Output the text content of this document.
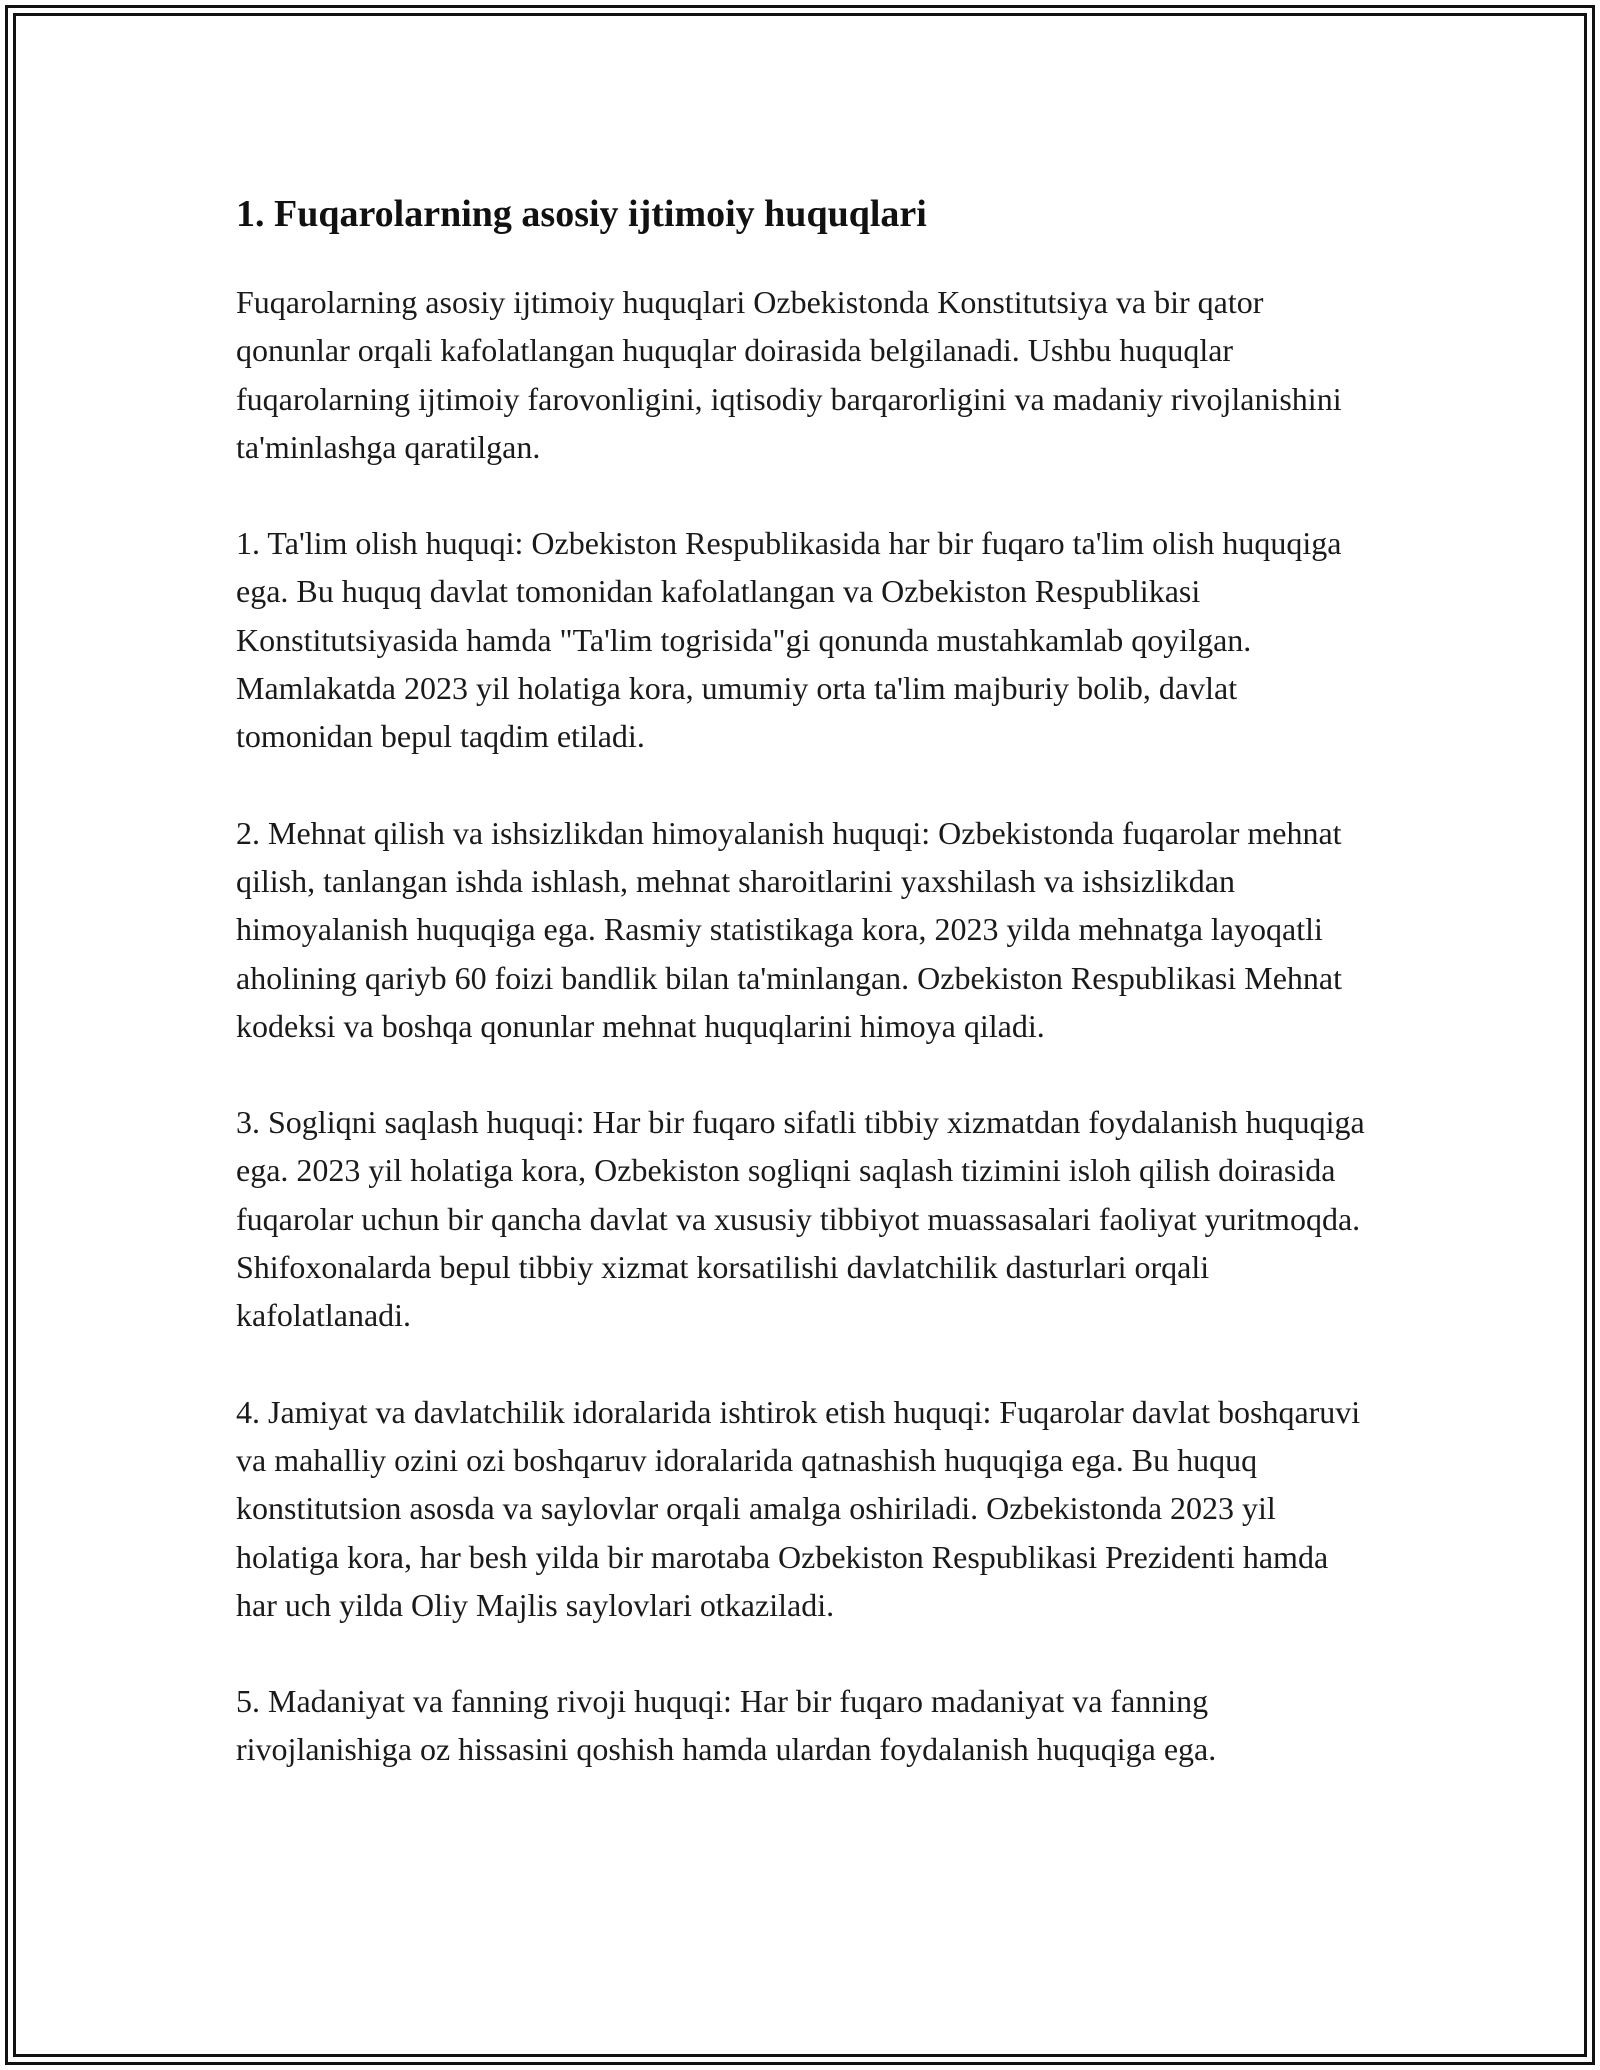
1. Fuqarolarning asosiy ijtimoiy huquqlari

Fuqarolarning asosiy ijtimoiy huquqlari Ozbekistonda Konstitutsiya va bir qator qonunlar orqali kafolatlangan huquqlar doirasida belgilanadi. Ushbu huquqlar fuqarolarning ijtimoiy farovonligini, iqtisodiy barqarorligini va madaniy rivojlanishini ta'minlashga qaratilgan.

1. Ta'lim olish huquqi: Ozbekiston Respublikasida har bir fuqaro ta'lim olish huquqiga ega. Bu huquq davlat tomonidan kafolatlangan va Ozbekiston Respublikasi Konstitutsiyasida hamda "Ta'lim togrisida"gi qonunda mustahkamlab qoyilgan. Mamlakatda 2023 yil holatiga kora, umumiy orta ta'lim majburiy bolib, davlat tomonidan bepul taqdim etiladi.

2. Mehnat qilish va ishsizlikdan himoyalanish huquqi: Ozbekistonda fuqarolar mehnat qilish, tanlangan ishda ishlash, mehnat sharoitlarini yaxshilash va ishsizlikdan himoyalanish huquqiga ega. Rasmiy statistikaga kora, 2023 yilda mehnatga layoqatli aholining qariyb 60 foizi bandlik bilan ta'minlangan. Ozbekiston Respublikasi Mehnat kodeksi va boshqa qonunlar mehnat huquqlarini himoya qiladi.

3. Sogliqni saqlash huquqi: Har bir fuqaro sifatli tibbiy xizmatdan foydalanish huquqiga ega. 2023 yil holatiga kora, Ozbekiston sogliqni saqlash tizimini isloh qilish doirasida fuqarolar uchun bir qancha davlat va xususiy tibbiyot muassasalari faoliyat yuritmoqda. Shifoxonalarda bepul tibbiy xizmat korsatilishi davlatchilik dasturlari orqali kafolatlanadi.

4. Jamiyat va davlatchilik idoralarida ishtirok etish huquqi: Fuqarolar davlat boshqaruvi va mahalliy ozini ozi boshqaruv idoralarida qatnashish huquqiga ega. Bu huquq konstitutsion asosda va saylovlar orqali amalga oshiriladi. Ozbekistonda 2023 yil holatiga kora, har besh yilda bir marotaba Ozbekiston Respublikasi Prezidenti hamda har uch yilda Oliy Majlis saylovlari otkaziladi.

5. Madaniyat va fanning rivoji huquqi: Har bir fuqaro madaniyat va fanning rivojlanishiga oz hissasini qoshish hamda ulardan foydalanish huquqiga ega.
